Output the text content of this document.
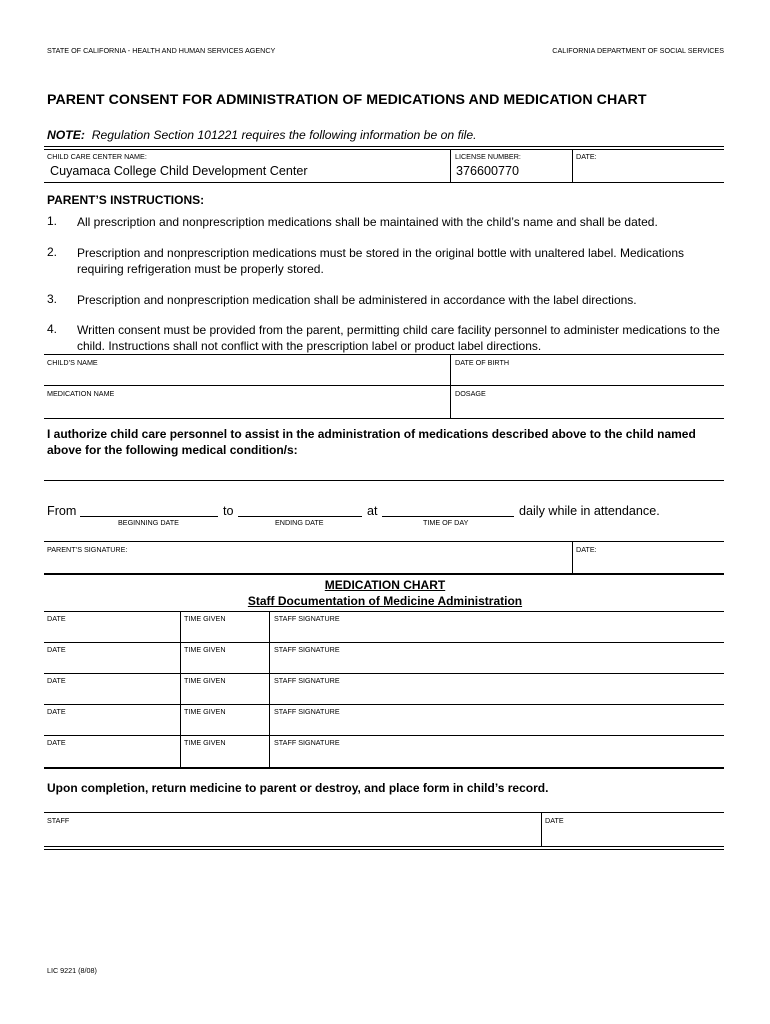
STATE OF CALIFORNIA - HEALTH AND HUMAN SERVICES AGENCY	CALIFORNIA DEPARTMENT OF SOCIAL SERVICES
PARENT CONSENT FOR ADMINISTRATION OF MEDICATIONS AND MEDICATION CHART
NOTE: Regulation Section 101221 requires the following information be on file.
CHILD CARE CENTER NAME:
Cuyamaca College Child Development Center
LICENSE NUMBER:
376600770
DATE:
PARENT’S INSTRUCTIONS:
1. All prescription and nonprescription medications shall be maintained with the child’s name and shall be dated.
2. Prescription and nonprescription medications must be stored in the original bottle with unaltered label. Medications requiring refrigeration must be properly stored.
3. Prescription and nonprescription medication shall be administered in accordance with the label directions.
4. Written consent must be provided from the parent, permitting child care facility personnel to administer medications to the child. Instructions shall not conflict with the prescription label or product label directions.
CHILD’S NAME	DATE OF BIRTH
MEDICATION NAME	DOSAGE
I authorize child care personnel to assist in the administration of medications described above to the child named above for the following medical condition/s:
From	to	at	daily while in attendance.
BEGINNING DATE	ENDING DATE	TIME OF DAY
PARENT’S SIGNATURE:	DATE:
MEDICATION CHART
Staff Documentation of Medicine Administration
DATE	TIME GIVEN	STAFF SIGNATURE
DATE	TIME GIVEN	STAFF SIGNATURE
DATE	TIME GIVEN	STAFF SIGNATURE
DATE	TIME GIVEN	STAFF SIGNATURE
DATE	TIME GIVEN	STAFF SIGNATURE
Upon completion, return medicine to parent or destroy, and place form in child’s record.
STAFF	DATE
LIC 9221 (8/08)
